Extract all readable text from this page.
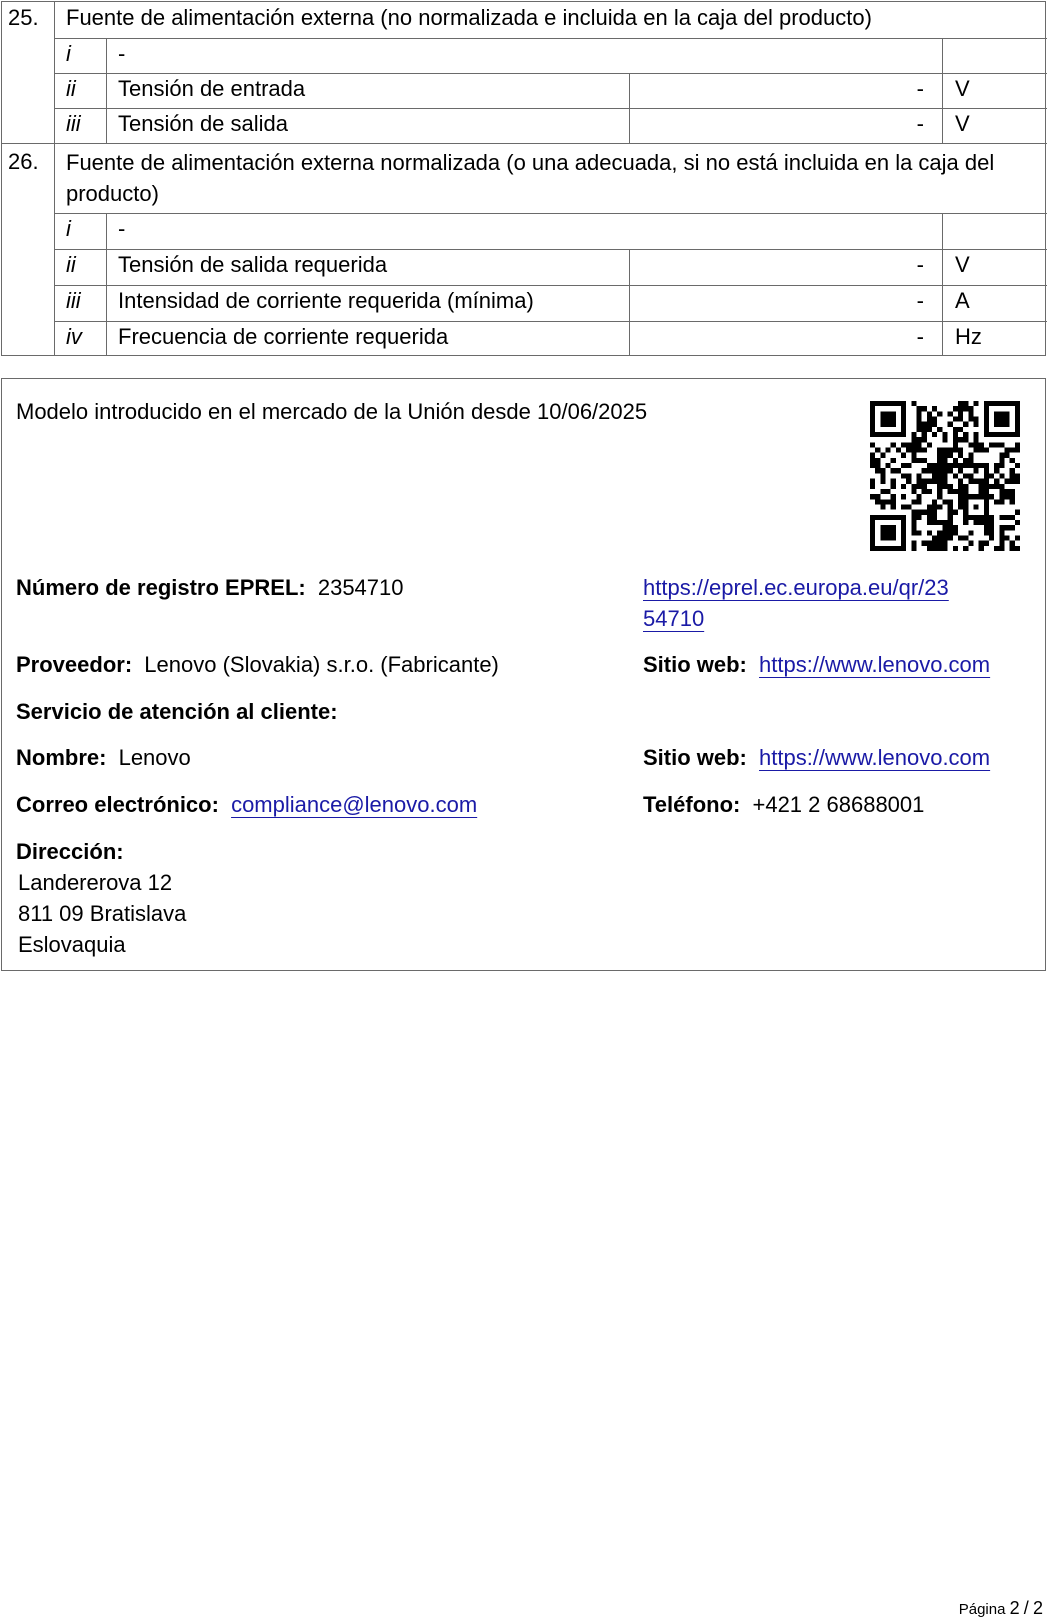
25. Fuente de alimentación externa (no normalizada e incluida en la caja del producto)
i -
ii Tensión de entrada	- V
iii Tensión de salida	- V
26. Fuente de alimentación externa normalizada (o una adecuada, si no está incluida en la caja del producto)
i -
ii Tensión de salida requerida	- V
iii Intensidad de corriente requerida (mínima)	- A
iv Frecuencia de corriente requerida	- Hz
Modelo introducido en el mercado de la Unión desde 10/06/2025
Número de registro EPREL: 2354710	https://eprel.ec.europa.eu/qr/23
54710
Proveedor: Lenovo (Slovakia) s.r.o. (Fabricante)	Sitio web: https://www.lenovo.com
Servicio de atención al cliente:
Nombre: Lenovo	Sitio web: https://www.lenovo.com
Correo electrónico: compliance@lenovo.com	Teléfono: +421 2 68688001
Dirección:
Landererova 12
811 09 Bratislava
Eslovaquia
Página 2 / 2
